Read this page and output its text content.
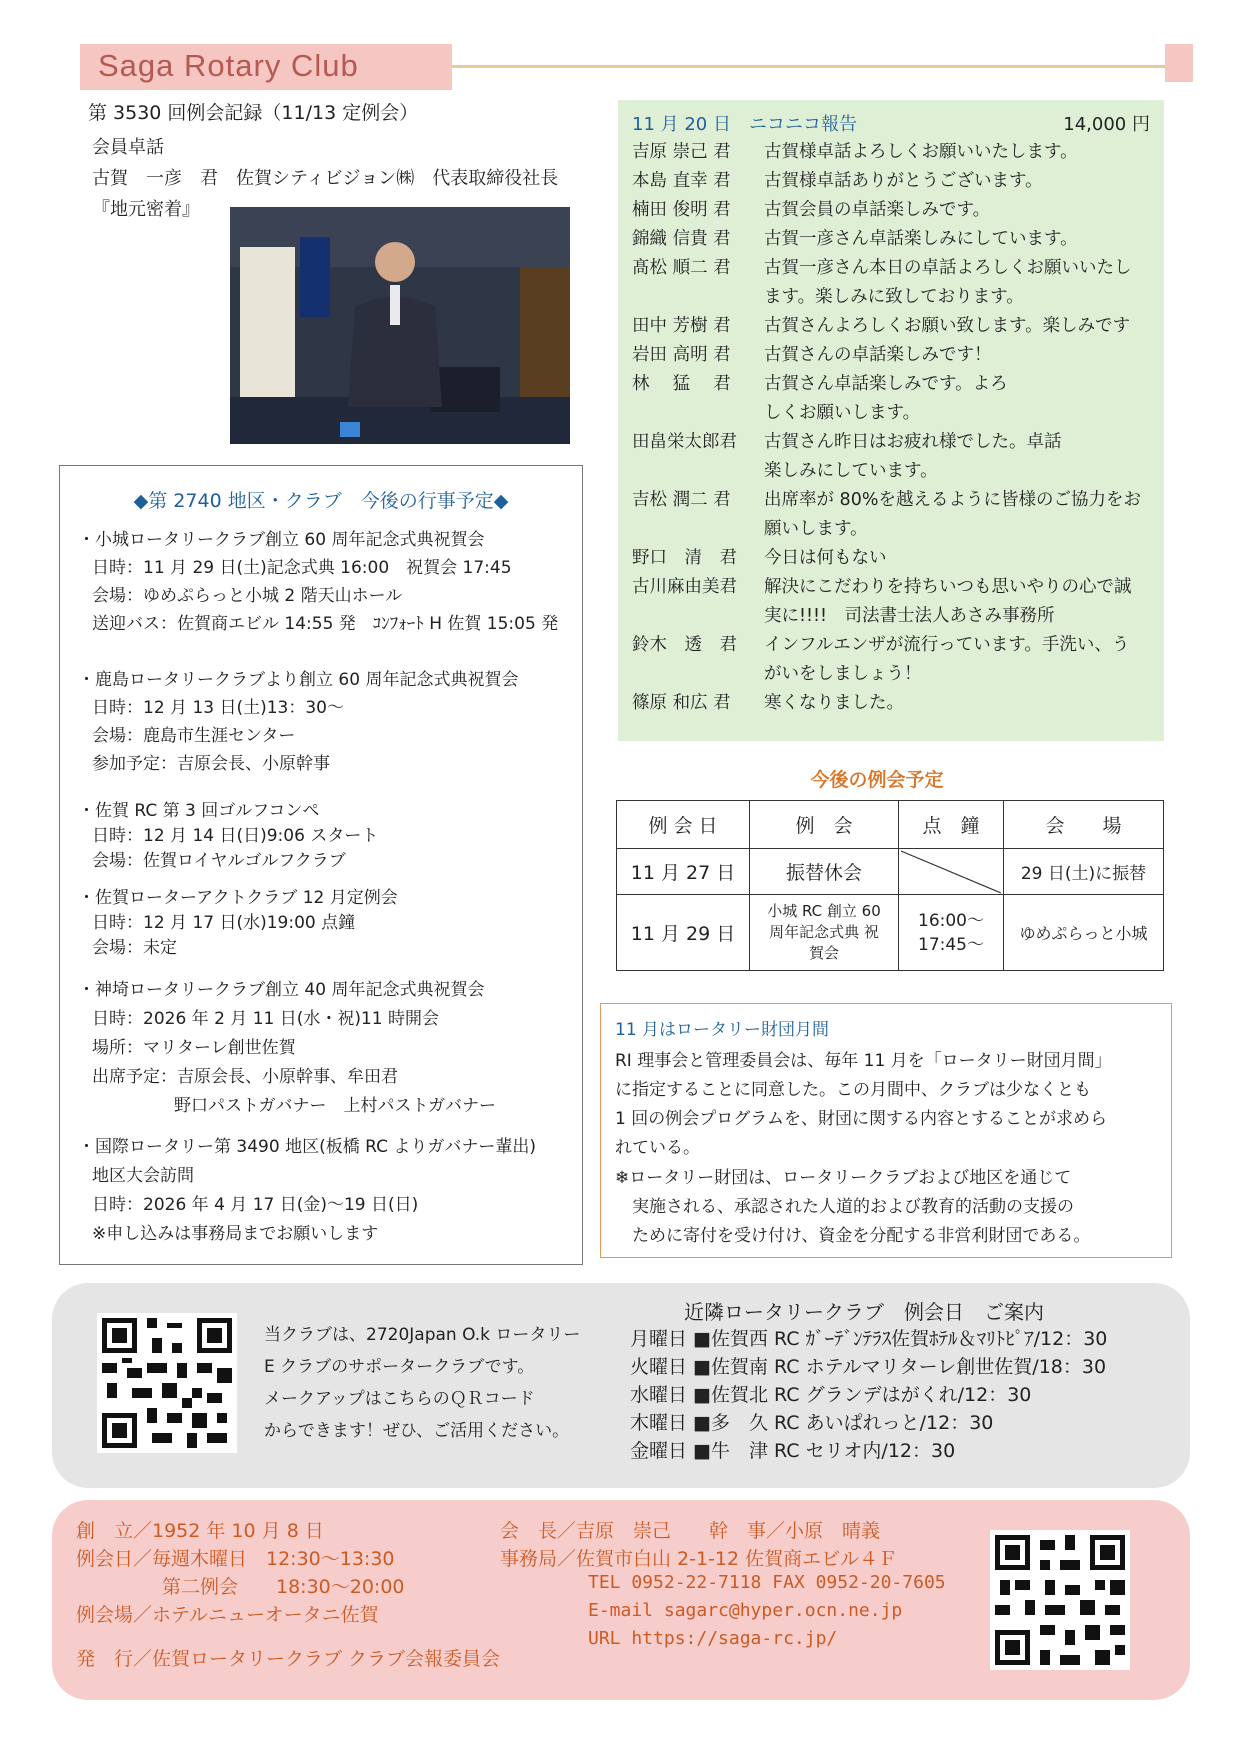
Saga Rotary Club
第 3530 回例会記録（11/13 定例会）
会員卓話
古賀　一彦　君　佐賀シティビジョン㈱　代表取締役社長
『地元密着』
◆第 2740 地区・クラブ　今後の行事予定◆
・小城ロータリークラブ創立 60 周年記念式典祝賀会
日時：11 月 29 日(土)記念式典 16:00　祝賀会 17:45
会場：ゆめぷらっと小城 2 階天山ホール
送迎バス：佐賀商エビル 14:55 発　ｺﾝﾌｫｰﾄ H 佐賀 15:05 発
・鹿島ロータリークラブより創立 60 周年記念式典祝賀会
日時：12 月 13 日(土)13：30～
会場：鹿島市生涯センター
参加予定：吉原会長、小原幹事
・佐賀 RC 第 3 回ゴルフコンペ
日時：12 月 14 日(日)9:06 スタート
会場：佐賀ロイヤルゴルフクラブ
・佐賀ローターアクトクラブ 12 月定例会
日時：12 月 17 日(水)19:00 点鐘
会場：未定
・神埼ロータリークラブ創立 40 周年記念式典祝賀会
日時：2026 年 2 月 11 日(水・祝)11 時開会
場所：マリターレ創世佐賀
出席予定：吉原会長、小原幹事、牟田君
野口パストガバナー　上村パストガバナー
・国際ロータリー第 3490 地区(板橋 RC よりガバナー輩出)
地区大会訪問
日時：2026 年 4 月 17 日(金)～19 日(日)
※申し込みは事務局までお願いします
11 月 20 日　ニコニコ報告	14,000 円
吉原 崇己 君 古賀様卓話よろしくお願いいたします。
本島 直幸 君 古賀様卓話ありがとうございます。
楠田 俊明 君 古賀会員の卓話楽しみです。
錦織 信貴 君 古賀一彦さん卓話楽しみにしています。
髙松 順二 君 古賀一彦さん本日の卓話よろしくお願いいたします。楽しみに致しております。
田中 芳樹 君 古賀さんよろしくお願い致します。楽しみです
岩田 高明 君 古賀さんの卓話楽しみです！
林　 猛　 君 古賀さん卓話楽しみです。よろしくお願いします。
田畠栄太郎君 古賀さん昨日はお疲れ様でした。卓話楽しみにしています。
吉松 潤二 君 出席率が 80%を越えるように皆様のご協力をお願いします。
野口　清　君 今日は何もない
古川麻由美君 解決にこだわりを持ちいつも思いやりの心で誠実に!!!!　司法書士法人あさみ事務所
鈴木　透　君 インフルエンザが流行っています。手洗い、うがいをしましょう！
篠原 和広 君 寒くなりました。
今後の例会予定
例 会 日	例　会	点　鐘	会　　場
11 月 27 日	振替休会		29 日(土)に振替
11 月 29 日	小城 RC 創立 60 周年記念式典 祝賀会	16:00～ 17:45～	ゆめぷらっと小城
11 月はロータリー財団月間
RI 理事会と管理委員会は、毎年 11 月を「ロータリー財団月間」
に指定することに同意した。この月間中、クラブは少なくとも
1 回の例会プログラムを、財団に関する内容とすることが求めら
れている。
❄ロータリー財団は、ロータリークラブおよび地区を通じて
　実施される、承認された人道的および教育的活動の支援の
　ために寄付を受け付け、資金を分配する非営利財団である。
当クラブは、2720Japan O.k ロータリー
E クラブのサポータークラブです。
メークアップはこちらのＱＲコード
からできます！ぜひ、ご活用ください。
近隣ロータリークラブ　例会日　ご案内
月曜日 ■佐賀西 RC ｶﾞｰﾃﾞﾝﾃﾗｽ佐賀ﾎﾃﾙ＆ﾏﾘﾄﾋﾟｱ/12：30
火曜日 ■佐賀南 RC ホテルマリターレ創世佐賀/18：30
水曜日 ■佐賀北 RC グランデはがくれ/12：30
木曜日 ■多　久 RC あいぱれっと/12：30
金曜日 ■牛　津 RC セリオ内/12：30
創　立／1952 年 10 月 8 日
例会日／毎週木曜日　12:30～13:30
第二例会　　18:30～20:00
例会場／ホテルニューオータニ佐賀
発　行／佐賀ロータリークラブ クラブ会報委員会
会　長／吉原　崇己　　幹　事／小原　晴義
事務局／佐賀市白山 2-1-12 佐賀商エビル４Ｆ
TEL 0952-22-7118 FAX 0952-20-7605
E-mail sagarc@hyper.ocn.ne.jp
URL https://saga-rc.jp/
